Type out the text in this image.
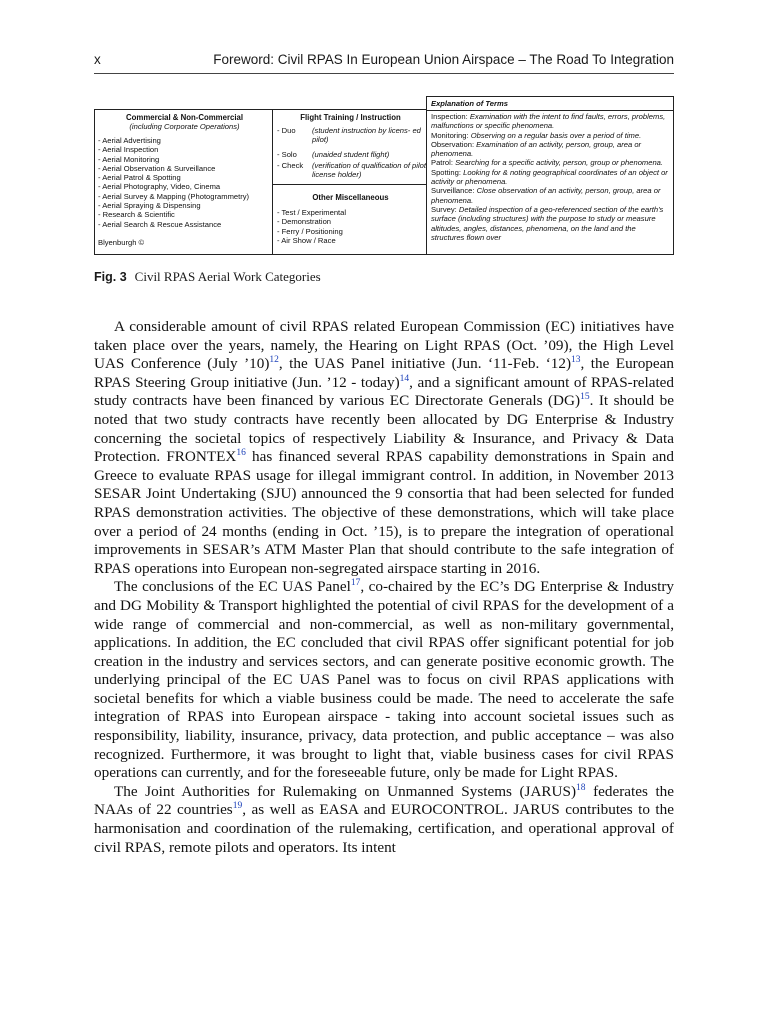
x	Foreword: Civil RPAS In European Union Airspace – The Road To Integration
Commercial & Non-Commercial
(including Corporate Operations)
- Aerial Advertising
- Aerial Inspection
- Aerial Monitoring
- Aerial Observation & Surveillance
- Aerial Patrol & Spotting
- Aerial Photography, Video, Cinema
- Aerial Survey & Mapping (Photogrammetry)
- Aerial Spraying & Dispensing
- Research & Scientific
- Aerial Search & Rescue Assistance
Blyenburgh ©
Flight Training / Instruction
- Duo (student instruction by licens- ed pilot)
- Solo (unaided student flight)
- Check (verification of qualification of pilot license holder)
Other Miscellaneous
- Test / Experimental
- Demonstration
- Ferry / Positioning
- Air Show / Race
Explanation of Terms
Inspection: Examination with the intent to find faults, errors, problems, malfunctions or specific phenomena.
Monitoring: Observing on a regular basis over a period of time.
Observation: Examination of an activity, person, group, area or phenomena.
Patrol: Searching for a specific activity, person, group or phenomena.
Spotting: Looking for & noting geographical coordinates of an object or activity or phenomena.
Surveillance: Close observation of an activity, person, group, area or phenomena.
Survey: Detailed inspection of a geo-referenced section of the earth's surface (including structures) with the purpose to study or measure altitudes, angles, distances, phenomena, on the land and the structures flown over
Fig. 3 Civil RPAS Aerial Work Categories

A considerable amount of civil RPAS related European Commission (EC) initiatives have taken place over the years, namely, the Hearing on Light RPAS (Oct. ’09), the High Level UAS Conference (July ’10)$^{12}$, the UAS Panel initiative (Jun. ‘11-Feb. ‘12)$^{13}$, the European RPAS Steering Group initiative (Jun. ’12 - today)$^{14}$, and a significant amount of RPAS-related study contracts have been financed by various EC Directorate Generals (DG)$^{15}$. It should be noted that two study contracts have recently been allocated by DG Enterprise & Industry concerning the societal topics of respectively Liability & Insurance, and Privacy & Data Protection. FRONTEX$^{16}$ has financed several RPAS capability demonstrations in Spain and Greece to evaluate RPAS usage for illegal immigrant control. In addition, in November 2013 SESAR Joint Undertaking (SJU) announced the 9 consortia that had been selected for funded RPAS demonstration activities. The objective of these demonstrations, which will take place over a period of 24 months (ending in Oct. ’15), is to prepare the integration of operational improvements in SESAR’s ATM Master Plan that should contribute to the safe integration of RPAS operations into European non-segregated airspace starting in 2016.

The conclusions of the EC UAS Panel$^{17}$, co-chaired by the EC’s DG Enterprise & Industry and DG Mobility & Transport highlighted the potential of civil RPAS for the development of a wide range of commercial and non-commercial, as well as non-military governmental, applications. In addition, the EC concluded that civil RPAS offer significant potential for job creation in the industry and services sectors, and can generate positive economic growth. The underlying principal of the EC UAS Panel was to focus on civil RPAS applications with societal benefits for which a viable business could be made. The need to accelerate the safe integration of RPAS into European airspace - taking into account societal issues such as responsibility, liability, insurance, privacy, data protection, and public acceptance – was also recognized. Furthermore, it was brought to light that, viable business cases for civil RPAS operations can currently, and for the foreseeable future, only be made for Light RPAS.

The Joint Authorities for Rulemaking on Unmanned Systems (JARUS)$^{18}$ federates the NAAs of 22 countries$^{19}$, as well as EASA and EUROCONTROL. JARUS contributes to the harmonisation and coordination of the rulemaking, certification, and operational approval of civil RPAS, remote pilots and operators. Its intent
